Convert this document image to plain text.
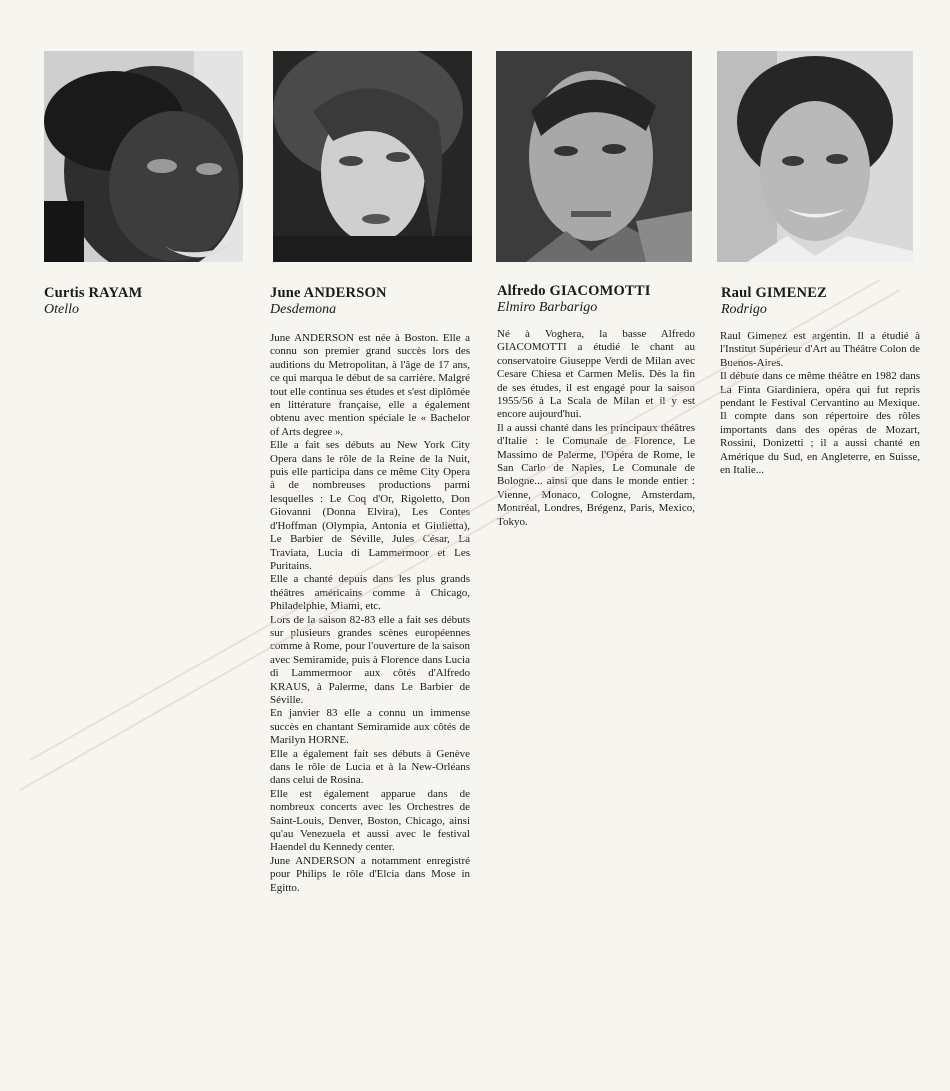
Curtis RAYAM
Otello
June ANDERSON
Desdemona
Alfredo GIACOMOTTI
Elmiro Barbarigo
Raul GIMENEZ
Rodrigo
June ANDERSON est née à Boston. Elle a connu son premier grand succès lors des auditions du Metropolitan, à l'âge de 17 ans, ce qui marqua le début de sa carrière. Malgré tout elle continua ses études et s'est diplômée en littérature française, elle a également obtenu avec mention spéciale le « Bachelor of Arts degree ».
Elle a fait ses débuts au New York City Opera dans le rôle de la Reine de la Nuit, puis elle participa dans ce même City Opera à de nombreuses productions parmi lesquelles : Le Coq d'Or, Rigoletto, Don Giovanni (Donna Elvira), Les Contes d'Hoffman (Olympia, Antonia et Giulietta), Le Barbier de Séville, Jules César, La Traviata, Lucia di Lammermoor et Les Puritains.
Elle a chanté depuis dans les plus grands théâtres américains comme à Chicago, Philadelphie, Miami, etc.
Lors de la saison 82-83 elle a fait ses débuts sur plusieurs grandes scènes européennes comme à Rome, pour l'ouverture de la saison avec Semiramide, puis à Florence dans Lucia di Lammermoor aux côtés d'Alfredo KRAUS, à Palerme, dans Le Barbier de Séville.
En janvier 83 elle a connu un immense succès en chantant Semiramide aux côtés de Marilyn HORNE.
Elle a également fait ses débuts à Genève dans le rôle de Lucia et à la New-Orléans dans celui de Rosina.
Elle est également apparue dans de nombreux concerts avec les Orchestres de Saint-Louis, Denver, Boston, Chicago, ainsi qu'au Venezuela et aussi avec le festival Haendel du Kennedy center.
June ANDERSON a notamment enregistré pour Philips le rôle d'Elcia dans Mose in Egitto.
Né à Voghera, la basse Alfredo GIACOMOTTI a étudié le chant au conservatoire Giuseppe Verdi de Milan avec Cesare Chiesa et Carmen Melis. Dès la fin de ses études, il est engagé pour la saison 1955/56 à La Scala de Milan et il y est encore aujourd'hui.
Il a aussi chanté dans les principaux théâtres d'Italie : le Comunale de Florence, Le Massimo de Palerme, l'Opéra de Rome, le San Carlo de Naples, Le Comunale de Bologne... ainsi que dans le monde entier : Vienne, Monaco, Cologne, Amsterdam, Montréal, Londres, Brégenz, Paris, Mexico, Tokyo.
Raul Gimenez est argentin. Il a étudié à l'Institut Supérieur d'Art au Théâtre Colon de Buenos-Aires.
Il débute dans ce même théâtre en 1982 dans La Finta Giardiniera, opéra qui fut repris pendant le Festival Cervantino au Mexique. Il compte dans son répertoire des rôles importants dans des opéras de Mozart, Rossini, Donizetti ; il a aussi chanté en Amérique du Sud, en Angleterre, en Suisse, en Italie...
